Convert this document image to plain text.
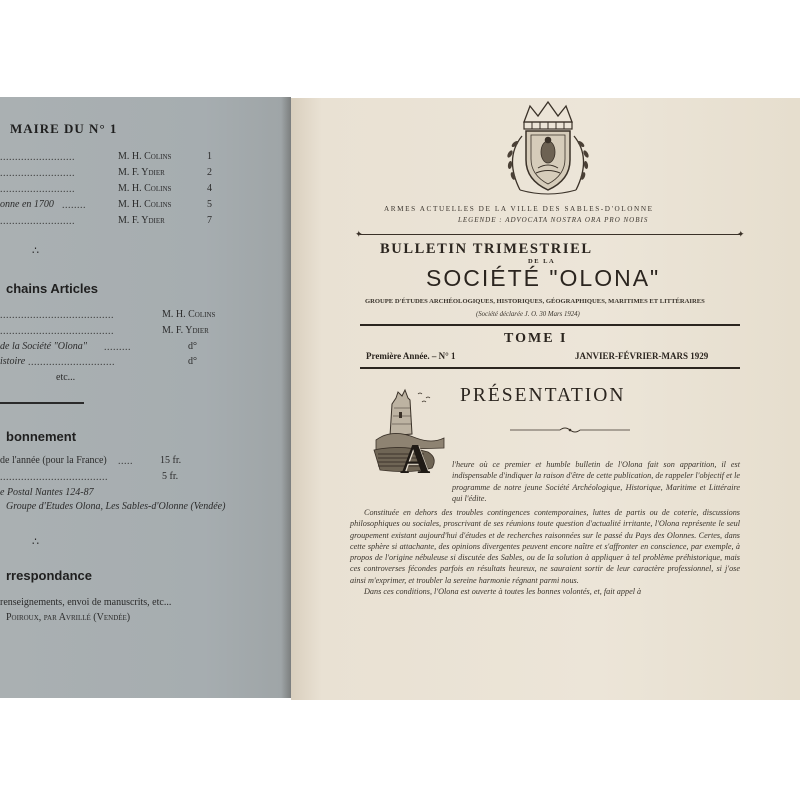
MAIRE DU N° 1
.........................	M. H. Colins	1
.........................	M. F. Ydier	2
.........................	M. H. Colins	4
onne en 1700 ........	M. H. Colins	5
.........................	M. F. Ydier	7
∴
chains Articles
......................................	M. H. Colins
......................................	M. F. Ydier
de la Société "Olona" .........	d°
istoire .............................	d°
etc...
bonnement
de l'année (pour la France) .....	15 fr.
....................................	5 fr.
e Postal Nantes 124-87
Groupe d'Etudes Olona, Les Sables-d'Olonne (Vendée)
∴
rrespondance
renseignements, envoi de manuscrits, etc...
Poiroux, par Avrillé (Vendée)
ARMES ACTUELLES DE LA VILLE DES SABLES-D'OLONNE
LEGENDE : ADVOCATA NOSTRA ORA PRO NOBIS
✦	✦
BULLETIN TRIMESTRIEL
DE LA
SOCIÉTÉ "OLONA"
GROUPE D'ÉTUDES ARCHÉOLOGIQUES, HISTORIQUES, GÉOGRAPHIQUES, MARITIMES ET LITTÉRAIRES
(Société déclarée J. O. 30 Mars 1924)
TOME I
Première Année. – N° 1	JANVIER-FÉVRIER-MARS 1929
PRÉSENTATION
A	l'heure où ce premier et humble bulletin de l'Olona fait son apparition, il est indispensable d'indiquer la raison d'être de cette publication, de rappeler l'objectif et le programme de notre jeune Société Archéologique, Historique, Maritime et Littéraire qui l'édite.

Constituée en dehors des troubles contingences contemporaines, luttes de partis ou de coterie, discussions philosophiques ou sociales, proscrivant de ses réunions toute question d'actualité irritante, l'Olona représente le seul groupement existant aujourd'hui d'études et de recherches raisonnées sur le passé du Pays des Olonnes. Certes, dans cette sphère si attachante, des opinions divergentes peuvent encore naître et s'affronter en conscience, par exemple, à propos de l'origine nébuleuse si discutée des Sables, ou de la solution à appliquer à tel problème préhistorique, mais ces controverses fécondes parfois en résultats heureux, ne sauraient sortir de leur caractère professionnel, si j'ose ainsi m'exprimer, et troubler la sereine harmonie régnant parmi nous.

Dans ces conditions, l'Olona est ouverte à toutes les bonnes volontés, et, fait appel à
